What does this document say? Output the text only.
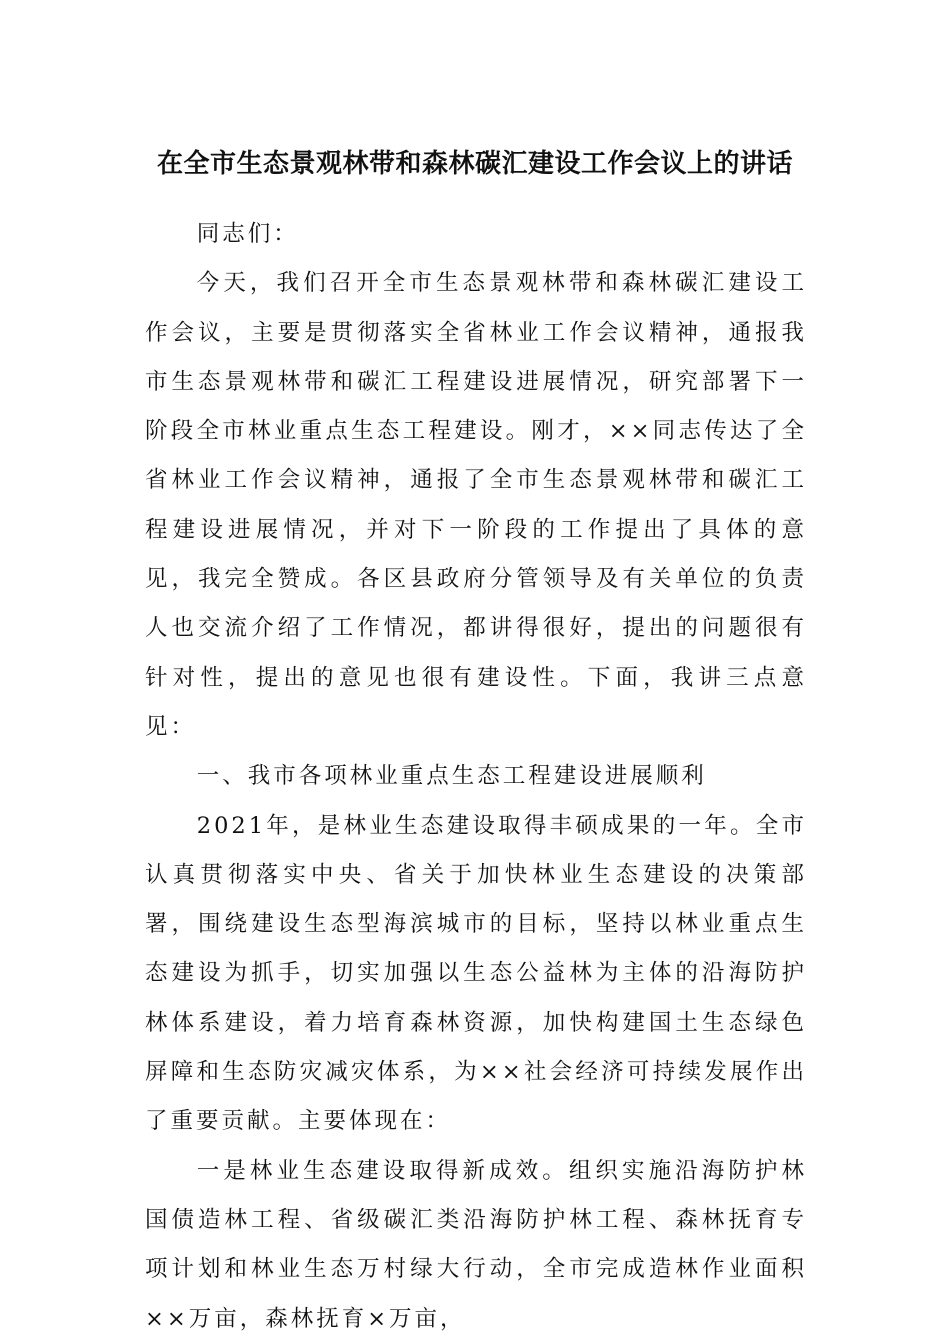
在全市生态景观林带和森林碳汇建设工作会议上的讲话

同志们：

今天，我们召开全市生态景观林带和森林碳汇建设工作会议，主要是贯彻落实全省林业工作会议精神，通报我市生态景观林带和碳汇工程建设进展情况，研究部署下一阶段全市林业重点生态工程建设。刚才，××同志传达了全省林业工作会议精神，通报了全市生态景观林带和碳汇工程建设进展情况，并对下一阶段的工作提出了具体的意见，我完全赞成。各区县政府分管领导及有关单位的负责人也交流介绍了工作情况，都讲得很好，提出的问题很有针对性，提出的意见也很有建设性。下面，我讲三点意见：

一、我市各项林业重点生态工程建设进展顺利

2021年，是林业生态建设取得丰硕成果的一年。全市认真贯彻落实中央、省关于加快林业生态建设的决策部署，围绕建设生态型海滨城市的目标，坚持以林业重点生态建设为抓手，切实加强以生态公益林为主体的沿海防护林体系建设，着力培育森林资源，加快构建国土生态绿色屏障和生态防灾减灾体系，为××社会经济可持续发展作出了重要贡献。主要体现在：

一是林业生态建设取得新成效。组织实施沿海防护林国债造林工程、省级碳汇类沿海防护林工程、森林抚育专项计划和林业生态万村绿大行动，全市完成造林作业面积××万亩，森林抚育×万亩，
